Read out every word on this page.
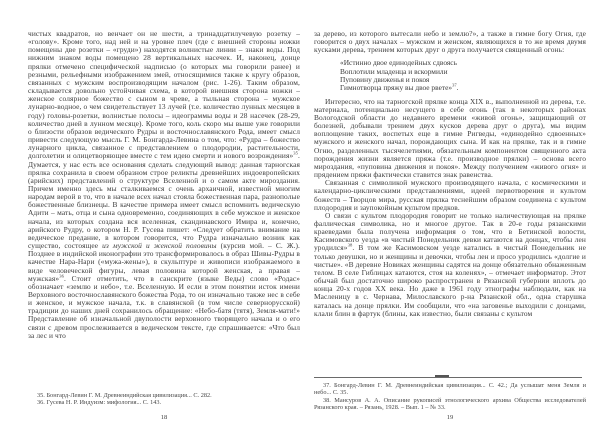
чистых квадратов, но венчает он не шести, а тринадцатилучевую розетку – «голову». Кроме того, над ней и на уровне плеч (где с внешней стороны ножки помещены две розетки – «груди») находятся волнистые линии – знаки воды. Под нижним знаком воды помещено 28 вертикальных насечек. И, наконец, донце прялки отмечено специфической надписью (о которых мы говорили ранее) и резными, рельефными изображением змей, относящимися также к кругу образов, связанных с мужским воспроизводящим началом (рис. 1-26). Таким образом, складывается довольно устойчивая схема, в которой внешняя сторона ножки – женское солярное божество с сыном в чреве, а тыльная сторона – мужское лунарно-водное, о чем свидетельствует 13 лучей (т.е. количество лунных месяцев в году) головы-розетки, волнистые полосы – идеограммы воды и 28 насечек (28-29, количество дней в лунном месяце). Кроме того, коль скоро мы выше уже говорили о близости образов ведического Рудры и восточнославянского Рода, имеет смысл привести следующую мысль Г. М. Бонгарда-Левина о том, что: «Рудра – божество лунарного цикла, связанное с представлением о плодородии, растительности, долголетии и олицетворяющее вместе с тем идею смерти и нового возрождения»$^{35}$. Думается, у нас есть все основания сделать следующий вывод: данная тарногская прялка сохранила в своем образном строе реликты древнейших индоевропейских (арийских) представлений о структуре Вселенной и о самом акте мироздания. Причем именно здесь мы сталкиваемся с очень архаичной, известной многим народам верой в то, что в начале всех начал стояла божественная пара, разнополые божественные близнецы. В качестве примера имеет смысл вспомнить ведическую Адити – мать, отца и сына одновременно, соединяющих в себе мужское и женское начала, из которых создана вся вселенная, скандинавского Имира и, конечно, арийского Рудру, о котором Н. Р. Гусева пишет: «Следует обратить внимание на ведическое предание, в котором говорится, что Рудра изначально возник как существо, состоящее из мужской и женской половины (курсив мой. – С. Ж.). Позднее в индийской иконографии это трансформировалось в образ Шивы-Рудры в качестве Нара-Нари («мужа-жены»), в скульптуре и живописи изображаемого в виде человеческой фигуры, левая половина которой женская, а правая – мужская»$^{36}$. Стоит отметить, что в санскрите (языке Веды) слово «Родас» обозначает «землю и небо», т.е. Вселенную. И если в этом понятии исток имени Верховного восточнославянского божества Рода, то он изначально также нес в себе и женское, и мужское начала, т.к. в славянской (в том числе севернорусской) традиции до наших дней сохранилось обращение: «Небо-батя (тятя), Земля-мати!» Представление об изначальной двуполости верховного творящего начала и о его связи с древом прослеживается в ведическом тексте, где спрашивается: «Что был за лес и что

35. Бонгард-Левин Г. М. Древнеиндийская цивилизация... С. 282.

36. Гусева Н. Р. Индуизм: мифология... С. 143.

18

за дерево, из которого вытесали небо и землю?», а также в гимне богу Огня, где говорится о двух началах – мужском и женском, являющихся в то же время двумя кусками дерева, трением которых друг о друга получается священный огонь:

«Истинно двое единодейных сдвоясь
Воплотили младенца и вскормили
Пуповину движенья и покоя
Гимнотворца пряжу вы двое рвете»$^{37}$.

Интересно, что на тарногской прялке конца XIX в., выполненной из дерева, т.е. материала, потенциально несущего в себе огонь (так в некоторых районах Вологодской области до недавнего времени «живой огонь», защищающий от болезней, добывали трением двух кусков дерева друг о друга), мы видим воплощение таких, воспетых еще в гимне Ригведы, «единодейно сдвоенных» мужского и женского начал, порождающих сына. И как на прялке, так и в гимне Огню, разделенных тысячелетиями, обязательным компонентом священного акта порождения жизни является пряжа (т.е. производное прялки) – основа всего мироздания, «пуповина движения и покоя». Между получением «живого огня» и прядением пряжи фактически ставится знак равенства.

Связанная с символикой мужского производящего начала, с космическими и календарно-циклическими представлениями, идеей первотворения и культом божеств – Творцов мира, русская прялка теснейшим образом соединена с культом плодородия и заупокойным культом предков.

О связи с культом плодородия говорит не только наличествующая на прялке фаллическая символика, но и многое другое. Так в 20-е годы рязанскими краеведами была получена информация о том, что в Бетинской волости, Касимовского уезда «в чистый Понедельник девки катаются на донцах, чтобы лен уродился»$^{38}$. В том же Касимовском уезде катались в чистый Понедельник не только девушки, но и женщины и девочки, чтобы лен и просо уродились «долгие и чистые». «В деревне Новиках женщины садятся на донце обязательно обнаженным телом. В селе Гиблицах катаются, стоя на коленях», – отмечает информатор. Этот обычай был достаточно широко распространен в Рязанской губернии вплоть до конца 20-х годов XX века. Но даже в 1961 году этнографы наблюдали, как на Масленицу в с. Чернава, Милославского р-на Рязанской обл., одна старушка каталась на донце прялки. Им сообщили, что «на заговенье выходили с донцами, клали блин в фартук (блины, как известно, были связаны с культом

37. Бонгард-Левин Г. М. Древнеиндийская цивилизация... С. 42.; Да услышат меня Земля и небо... С. 35.

38. Мансуров А. А. Описание рукописей этнологического архива Общества исследователей Рязанского края. – Рязань, 1928. – Вып. 1 – № 33.

19
